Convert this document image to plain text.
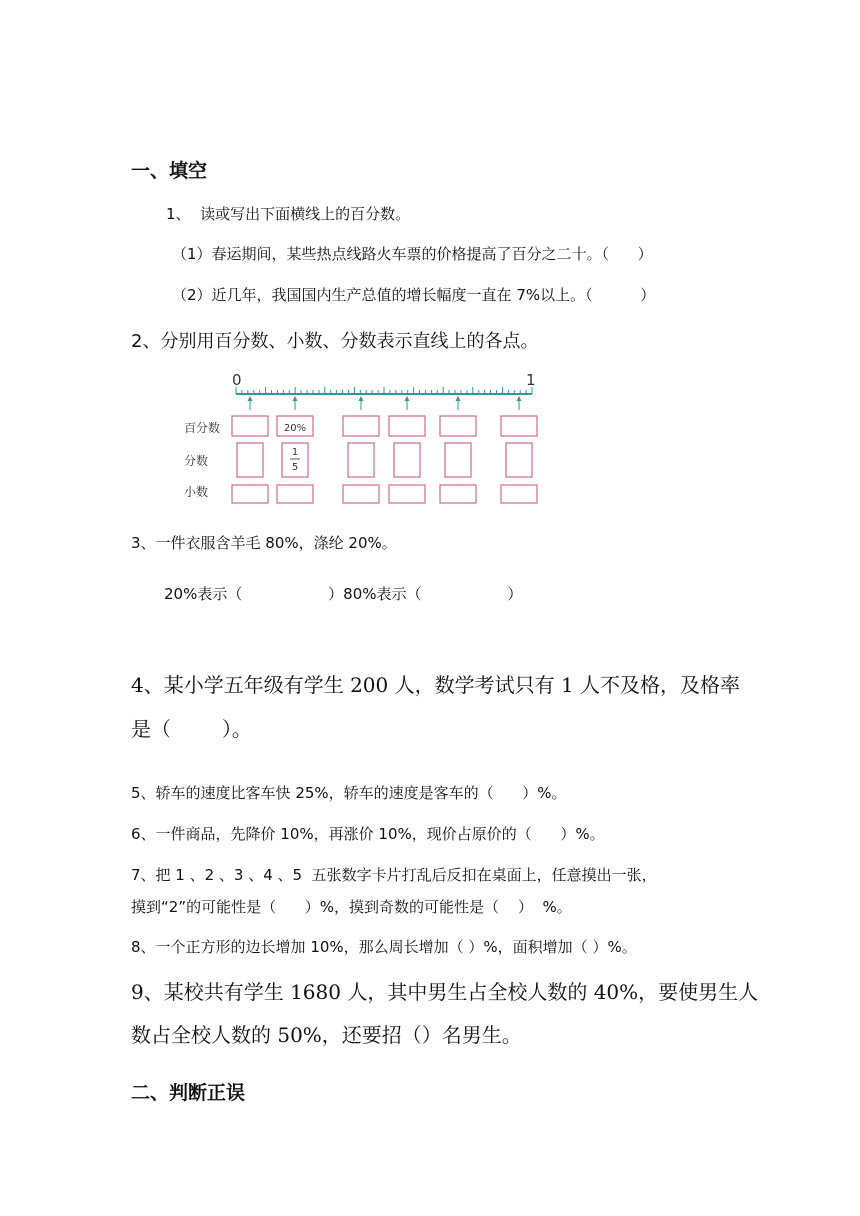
一、填空
1、  读或写出下面横线上的百分数。
（1）春运期间，某些热点线路火车票的价格提高了百分之二十。（      ）
（2）近几年，我国国内生产总值的增长幅度一直在 7%以上。（          ）
2、分别用百分数、小数、分数表示直线上的各点。
0	1
百分数
分数
小数
20%
1
5
3、一件衣服含羊毛 80%，涤纶 20%。
20%表示（                  ）80%表示（                  ）
4、某小学五年级有学生 200 人，数学考试只有 1 人不及格，及格率
是（        ）。
5、轿车的速度比客车快 25%，轿车的速度是客车的（      ）%。
6、一件商品，先降价 10%，再涨价 10%，现价占原价的（      ）%。
7、把 1 、2 、3 、4 、5  五张数字卡片打乱后反扣在桌面上，任意摸出一张，
摸到“2”的可能性是（      ）%，摸到奇数的可能性是（    ）  %。
8、一个正方形的边长增加 10%，那么周长增加（ ）%，面积增加（ ）%。
9、某校共有学生 1680 人，其中男生占全校人数的 40%，要使男生人
数占全校人数的 50%，还要招（）名男生。
二、判断正误
